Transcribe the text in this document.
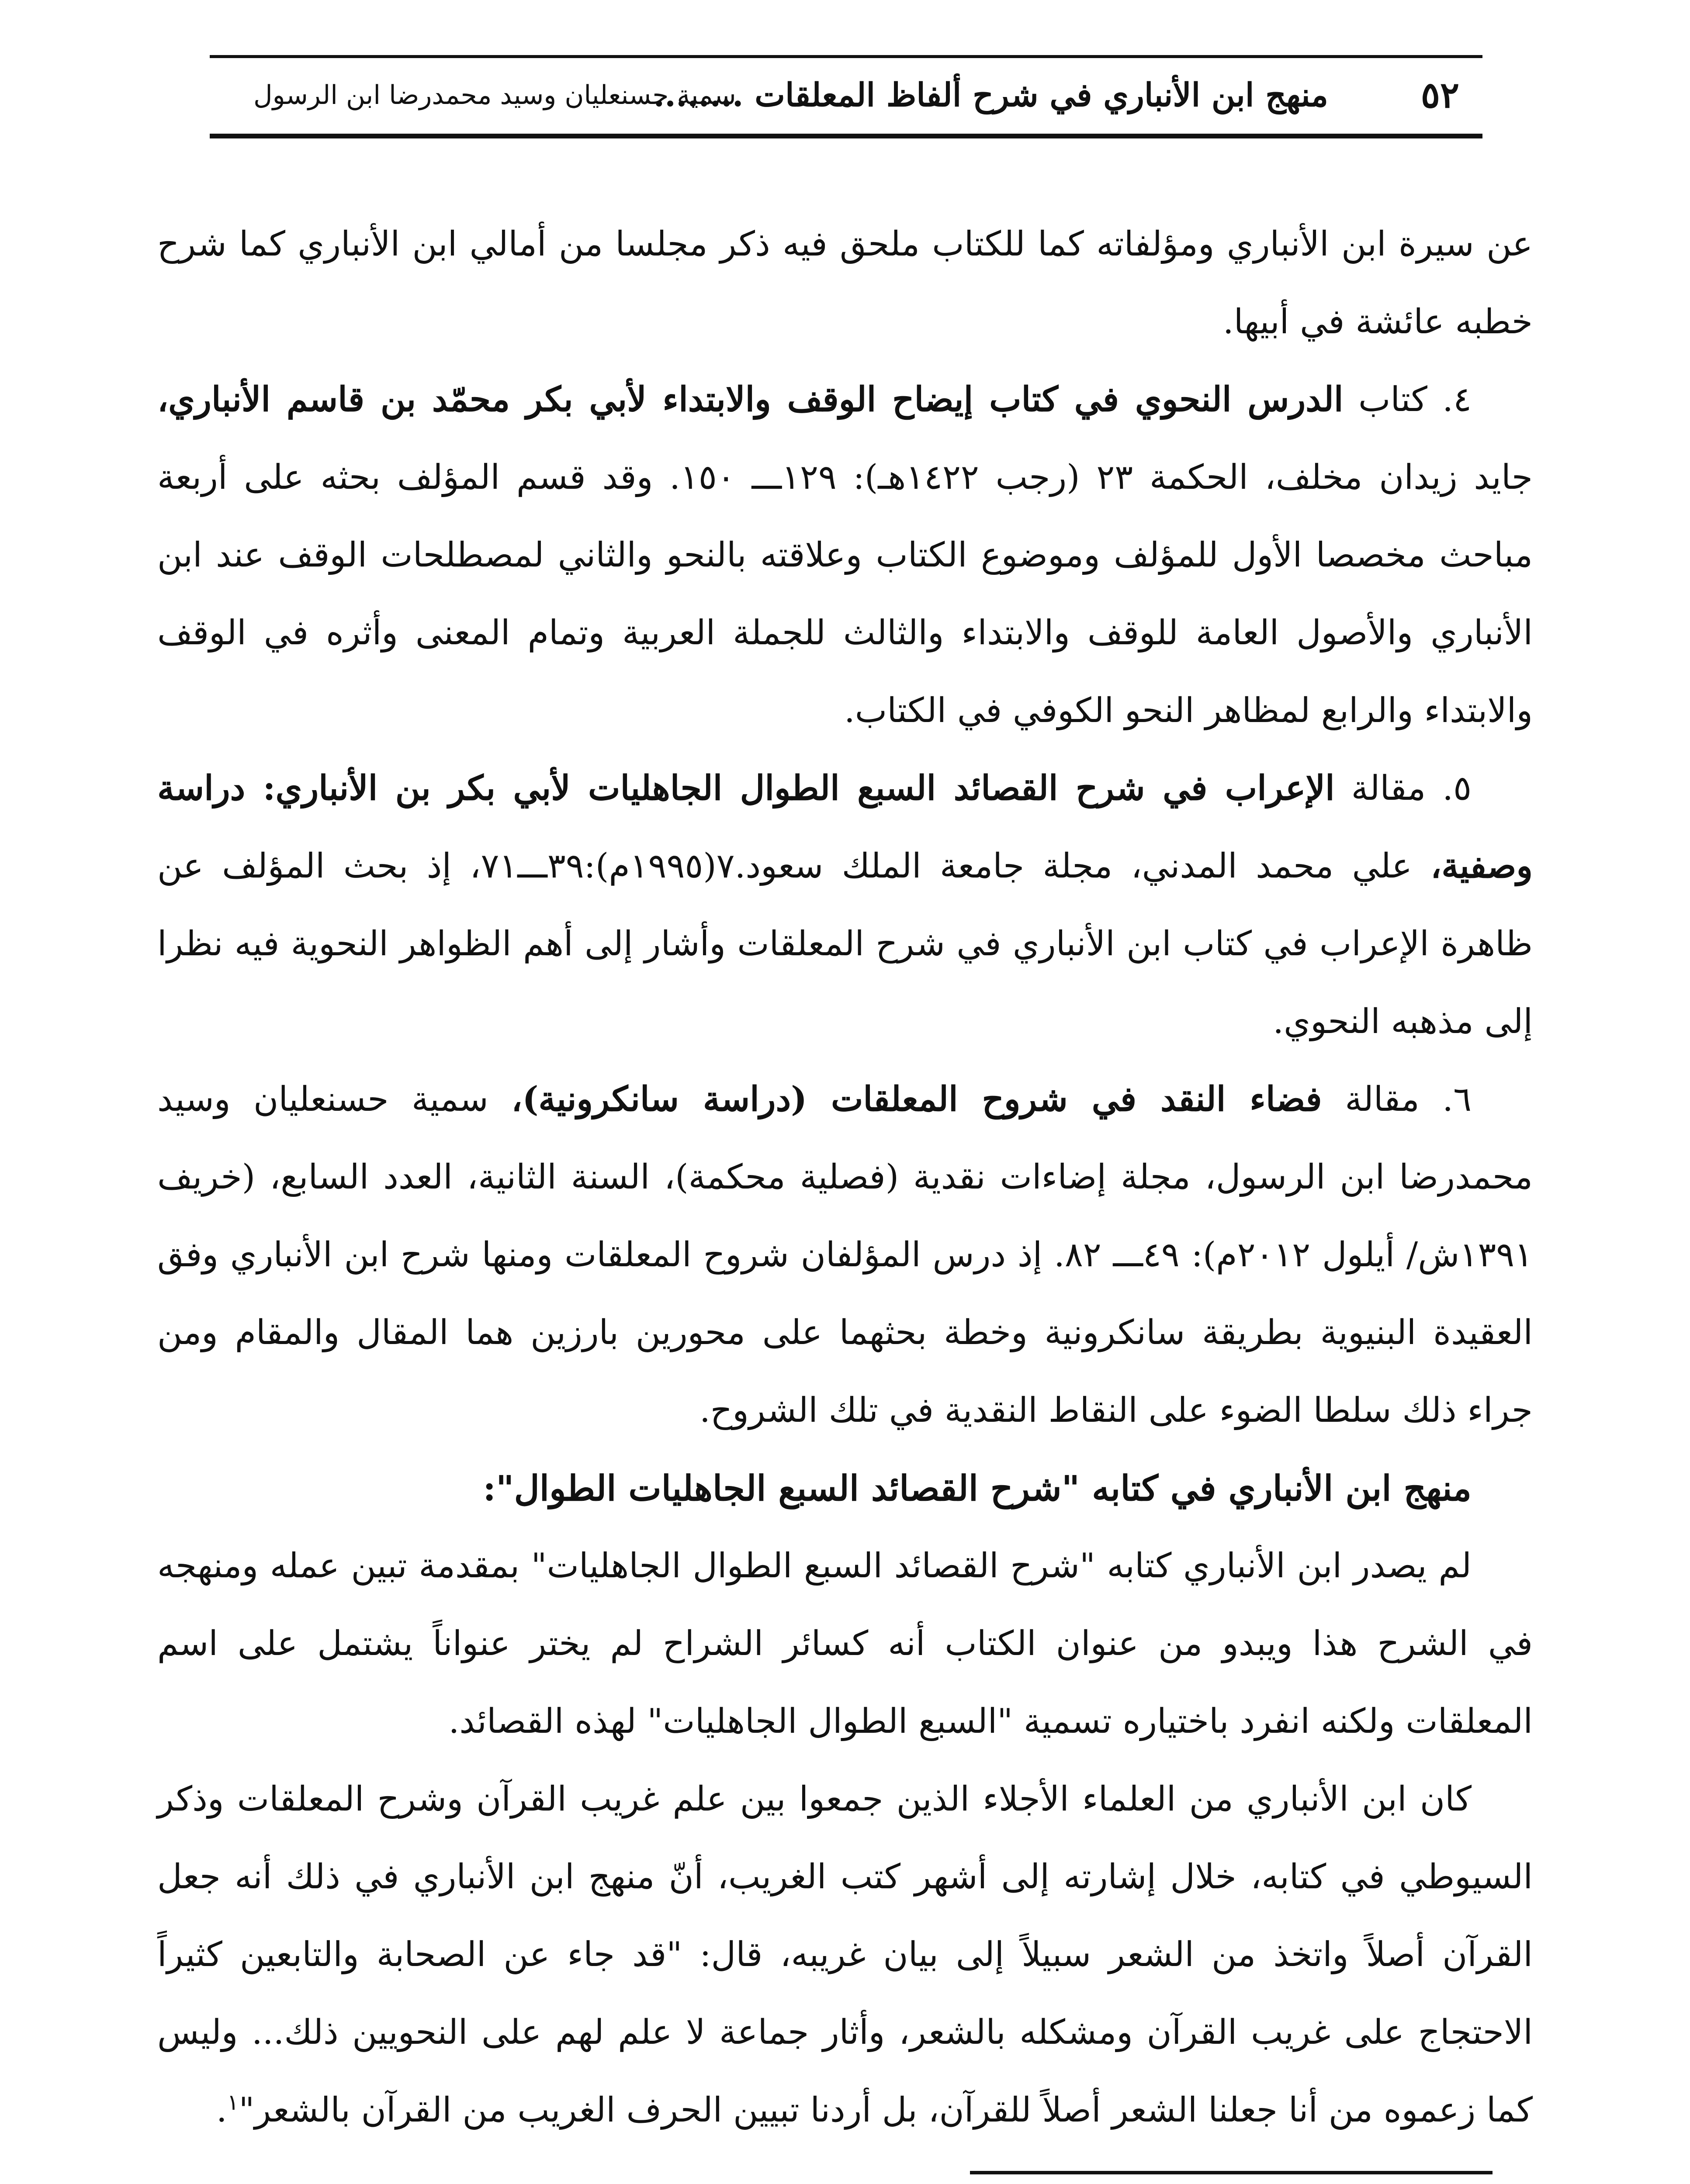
٥٢
منهج ابن الأنباري في شرح ألفاظ المعلقات ........
سمية حسنعليان وسيد محمدرضا ابن الرسول

عن سيرة ابن الأنباري ومؤلفاته كما للكتاب ملحق فيه ذكر مجلسا من أمالي ابن الأنباري كما شرح خطبه عائشة في أبيها.

٤. كتاب الدرس النحوي في كتاب إيضاح الوقف والابتداء لأبي بكر محمّد بن قاسم الأنباري، جايد زيدان مخلف، الحكمة ٢٣ (رجب ١٤٢٢هـ): ١٢٩ـــ ١٥٠. وقد قسم المؤلف بحثه على أربعة مباحث مخصصا الأول للمؤلف وموضوع الكتاب وعلاقته بالنحو والثاني لمصطلحات الوقف عند ابن الأنباري والأصول العامة للوقف والابتداء والثالث للجملة العربية وتمام المعنى وأثره في الوقف والابتداء والرابع لمظاهر النحو الكوفي في الكتاب.

٥. مقالة الإعراب في شرح القصائد السبع الطوال الجاهليات لأبي بكر بن الأنباري: دراسة وصفية، علي محمد المدني، مجلة جامعة الملك سعود.٧(١٩٩٥م):٣٩ـــ٧١، إذ بحث المؤلف عن ظاهرة الإعراب في كتاب ابن الأنباري في شرح المعلقات وأشار إلى أهم الظواهر النحوية فيه نظرا إلى مذهبه النحوي.

٦. مقالة فضاء النقد في شروح المعلقات (دراسة سانكرونية)، سمية حسنعليان وسيد محمدرضا ابن الرسول، مجلة إضاءات نقدية (فصلية محكمة)، السنة الثانية، العدد السابع، (خريف ١٣٩١ش/ أيلول ٢٠١٢م): ٤٩ـــ ٨٢. إذ درس المؤلفان شروح المعلقات ومنها شرح ابن الأنباري وفق العقيدة البنيوية بطريقة سانكرونية وخطة بحثهما على محورين بارزين هما المقال والمقام ومن جراء ذلك سلطا الضوء على النقاط النقدية في تلك الشروح.

منهج ابن الأنباري في كتابه "شرح القصائد السبع الجاهليات الطوال":

لم يصدر ابن الأنباري كتابه "شرح القصائد السبع الطوال الجاهليات" بمقدمة تبين عمله ومنهجه في الشرح هذا ويبدو من عنوان الكتاب أنه كسائر الشراح لم يختر عنواناً يشتمل على اسم المعلقات ولكنه انفرد باختياره تسمية "السبع الطوال الجاهليات" لهذه القصائد.

كان ابن الأنباري من العلماء الأجلاء الذين جمعوا بين علم غريب القرآن وشرح المعلقات وذكر السيوطي في كتابه، خلال إشارته إلى أشهر كتب الغريب، أنّ منهج ابن الأنباري في ذلك أنه جعل القرآن أصلاً واتخذ من الشعر سبيلاً إلى بيان غريبه، قال: "قد جاء عن الصحابة والتابعين كثيراً الاحتجاج على غريب القرآن ومشكله بالشعر، وأثار جماعة لا علم لهم على النحويين ذلك... وليس كما زعموه من أنا جعلنا الشعر أصلاً للقرآن، بل أردنا تبيين الحرف الغريب من القرآن بالشعر"$^١$.
